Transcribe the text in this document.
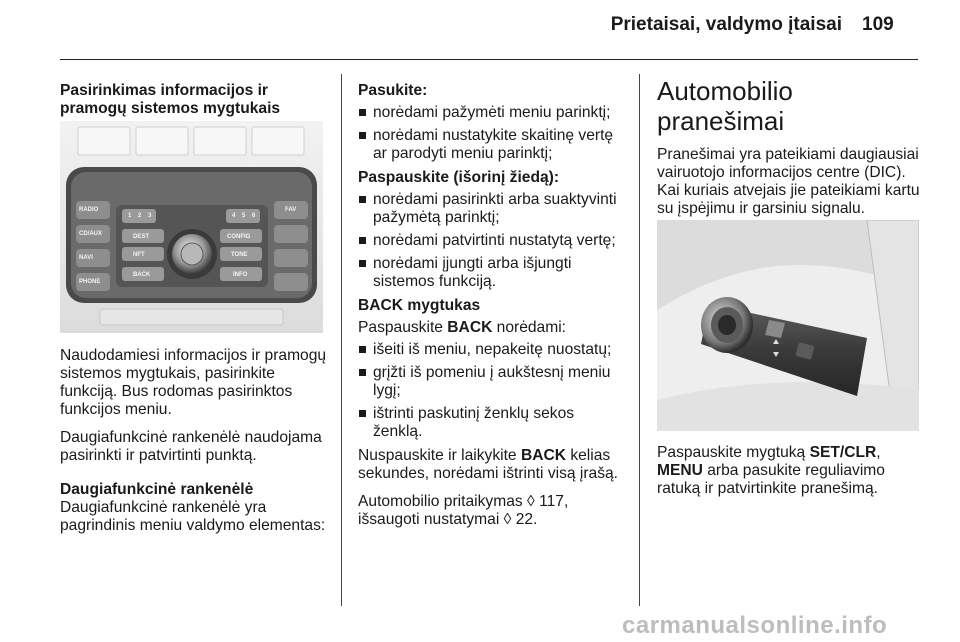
Prietaisai, valdymo įtaisai 109

Pasirinkimas informacijos ir pramogų sistemos mygtukais

RADIO
CD/AUX
NAVI
PHONE
DEST
NFT
BACK
CONFIG
TONE
INFO
FAV
1 2 3	4 5 6

Naudodamiesi informacijos ir pramogų sistemos mygtukais, pasirinkite funkciją. Bus rodomas pasirinktos funkcijos meniu.

Daugiafunkcinė rankenėlė naudojama pasirinkti ir patvirtinti punktą.

Daugiafunkcinė rankenėlė

Daugiafunkcinė rankenėlė yra pagrindinis meniu valdymo elementas:

Pasukite:

norėdami pažymėti meniu parinktį;
norėdami nustatykite skaitinę vertę ar parodyti meniu parinktį;

Paspauskite (išorinį žiedą):

norėdami pasirinkti arba suaktyvinti pažymėtą parinktį;
norėdami patvirtinti nustatytą vertę;
norėdami įjungti arba išjungti sistemos funkciją.

BACK mygtukas

Paspauskite BACK norėdami:

išeiti iš meniu, nepakeitę nuostatų;
grįžti iš pomeniu į aukštesnį meniu lygį;
ištrinti paskutinį ženklų sekos ženklą.

Nuspauskite ir laikykite BACK kelias sekundes, norėdami ištrinti visą įrašą.

Automobilio pritaikymas ◊ 117,
išsaugoti nustatymai ◊ 22.

Automobilio pranešimai

Pranešimai yra pateikiami daugiausiai vairuotojo informacijos centre (DIC). Kai kuriais atvejais jie pateikiami kartu su įspėjimu ir garsiniu signalu.

Paspauskite mygtuką SET/CLR,
MENU arba pasukite reguliavimo ratuką ir patvirtinkite pranešimą.

carmanualsonline.info
